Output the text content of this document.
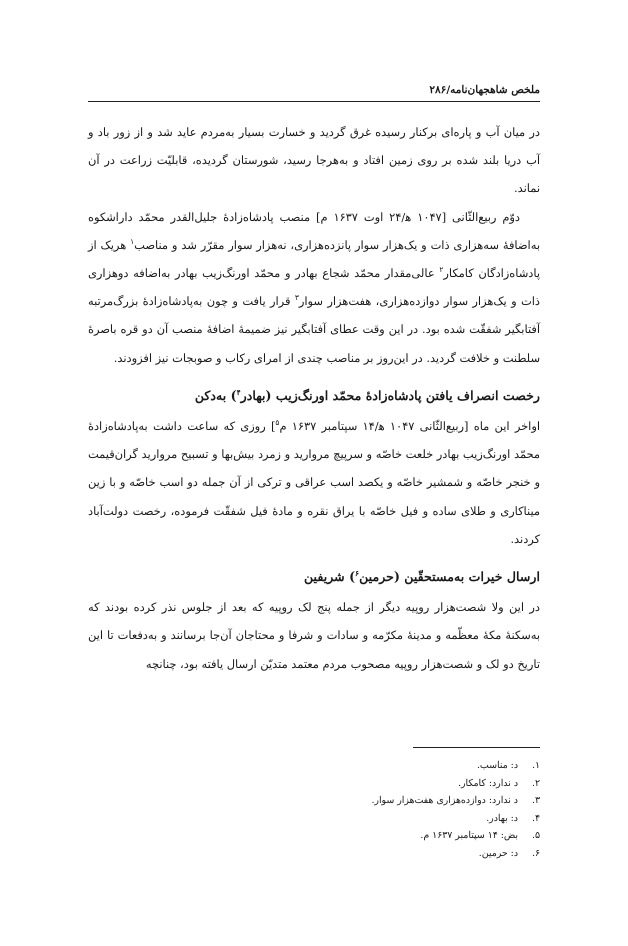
ملخص شاهجهان‌نامه/۲۸۶

در میان آب و پاره‌ای برکنار رسیده غرق گردید و خسارت بسیار به‌مردم عاید شد و از زور باد و آب دریا بلند شده بر روی زمین افتاد و به‌هرجا رسید، شورستان گردیده، قابلیّت زراعت در آن نماند.

دوّم ربیع‌الثّانی [۱۰۴۷ ه‍/۲۴ اوت ۱۶۳۷ م] منصب پادشاه‌زادهٔ جلیل‌القدر محمّد داراشکوه به‌اضافهٔ سه‌هزاری ذات و یک‌هزار سوار پانزده‌هزاری، نه‌هزار سوار مقرّر شد و مناصب$^۱$ هریک از پادشاه‌زادگان کامکار$^۲$ عالی‌مقدار محمّد شجاع بهادر و محمّد اورنگ‌زیب بهادر به‌اضافه دوهزاری ذات و یک‌هزار سوار دوازده‌هزاری، هفت‌هزار سوار$^۳$ قرار یافت و چون به‌پادشاه‌زادهٔ بزرگ‌مرتبه آفتابگیر شفقّت شده بود. در این وقت عطای آفتابگیر نیز ضمیمهٔ اضافهٔ منصب آن دو قره باصرهٔ سلطنت و خلافت گردید. در این‌روز بر مناصب چندی از امرای رکاب و صوبجات نیز افزودند.

رخصت انصراف یافتن پادشاه‌زادهٔ محمّد اورنگ‌زیب (بهادر$^۴$) به‌دکن

اواخر این ماه [ربیع‌الثّانی ۱۰۴۷ ه‍/۱۴ سپتامبر ۱۶۳۷ م$^۵$] روزی که ساعت داشت به‌پادشاه‌زادهٔ محمّد اورنگ‌زیب بهادر خلعت خاصّه و سرپیچ مروارید و زمرد بیش‌بها و تسبیح مروارید گران‌قیمت و خنجر خاصّه و شمشیر خاصّه و یکصد اسب عراقی و ترکی از آن جمله دو اسب خاصّه و با زین میناکاری و طلای ساده و فیل خاصّه با یراق نقره و مادهٔ فیل شفقّت فرموده، رخصت دولت‌آباد کردند.

ارسال خیرات به‌مستحقّین (حرمین$^۶$) شریفین

در این ولا شصت‌هزار روپیه دیگر از جمله پنج لک روپیه که بعد از جلوس نذر کرده بودند که به‌سکنهٔ مکهٔ معظّمه و مدینهٔ مکرّمه و سادات و شرفا و محتاجان آن‌جا برسانند و به‌دفعات تا این تاریخ دو لک و شصت‌هزار روپیه مصحوب مردم معتمد متدیّن ارسال یافته بود، چنانچه

۱.
د: مناسب.
۲.
د ندارد: کامکار.
۳.
د ندارد: دوازده‌هزاری هفت‌هزار سوار.
۴.
د: بهادر.
۵.
بض: ۱۴ سپتامبر ۱۶۳۷ م.
۶.
د: حرمین.
